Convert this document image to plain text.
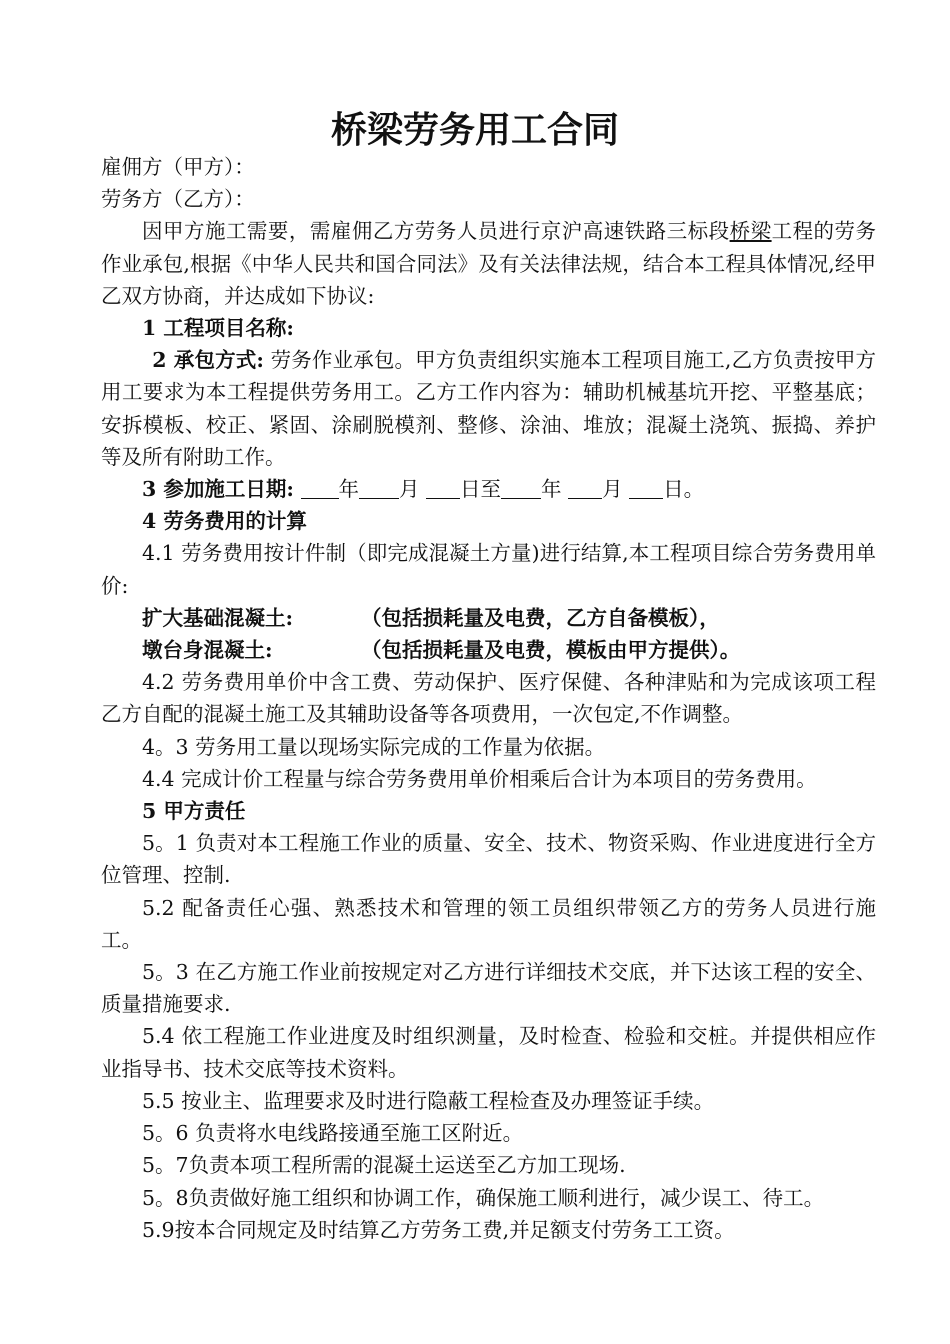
桥梁劳务用工合同

雇佣方（甲方）：

劳务方（乙方）：

因甲方施工需要，需雇佣乙方劳务人员进行京沪高速铁路三标段桥梁工程的劳务作业承包,根据《中华人民共和国合同法》及有关法律法规，结合本工程具体情况,经甲乙双方协商，并达成如下协议:

1 工程项目名称:

2 承包方式: 劳务作业承包。甲方负责组织实施本工程项目施工,乙方负责按甲方用工要求为本工程提供劳务用工。乙方工作内容为：辅助机械基坑开挖、平整基底；安拆模板、校正、紧固、涂刷脱模剂、整修、涂油、堆放；混凝土浇筑、振捣、养护等及所有附助工作。

3 参加施工日期: 年 月 日至 年 月 日。

4 劳务费用的计算

4.1 劳务费用按计件制（即完成混凝土方量)进行结算,本工程项目综合劳务费用单价:

扩大基础混凝土:	（包括损耗量及电费，乙方自备模板），

墩台身混凝土:	（包括损耗量及电费，模板由甲方提供）。

4.2 劳务费用单价中含工费、劳动保护、医疗保健、各种津贴和为完成该项工程乙方自配的混凝土施工及其辅助设备等各项费用，一次包定,不作调整。

4。3 劳务用工量以现场实际完成的工作量为依据。

4.4 完成计价工程量与综合劳务费用单价相乘后合计为本项目的劳务费用。

5 甲方责任

5。1 负责对本工程施工作业的质量、安全、技术、物资采购、作业进度进行全方位管理、控制.

5.2 配备责任心强、熟悉技术和管理的领工员组织带领乙方的劳务人员进行施工。

5。3 在乙方施工作业前按规定对乙方进行详细技术交底，并下达该工程的安全、质量措施要求.

5.4 依工程施工作业进度及时组织测量，及时检查、检验和交桩。并提供相应作业指导书、技术交底等技术资料。

5.5 按业主、监理要求及时进行隐蔽工程检查及办理签证手续。

5。6 负责将水电线路接通至施工区附近。

5。7负责本项工程所需的混凝土运送至乙方加工现场.

5。8负责做好施工组织和协调工作，确保施工顺利进行，减少误工、待工。

5.9按本合同规定及时结算乙方劳务工费,并足额支付劳务工工资。
